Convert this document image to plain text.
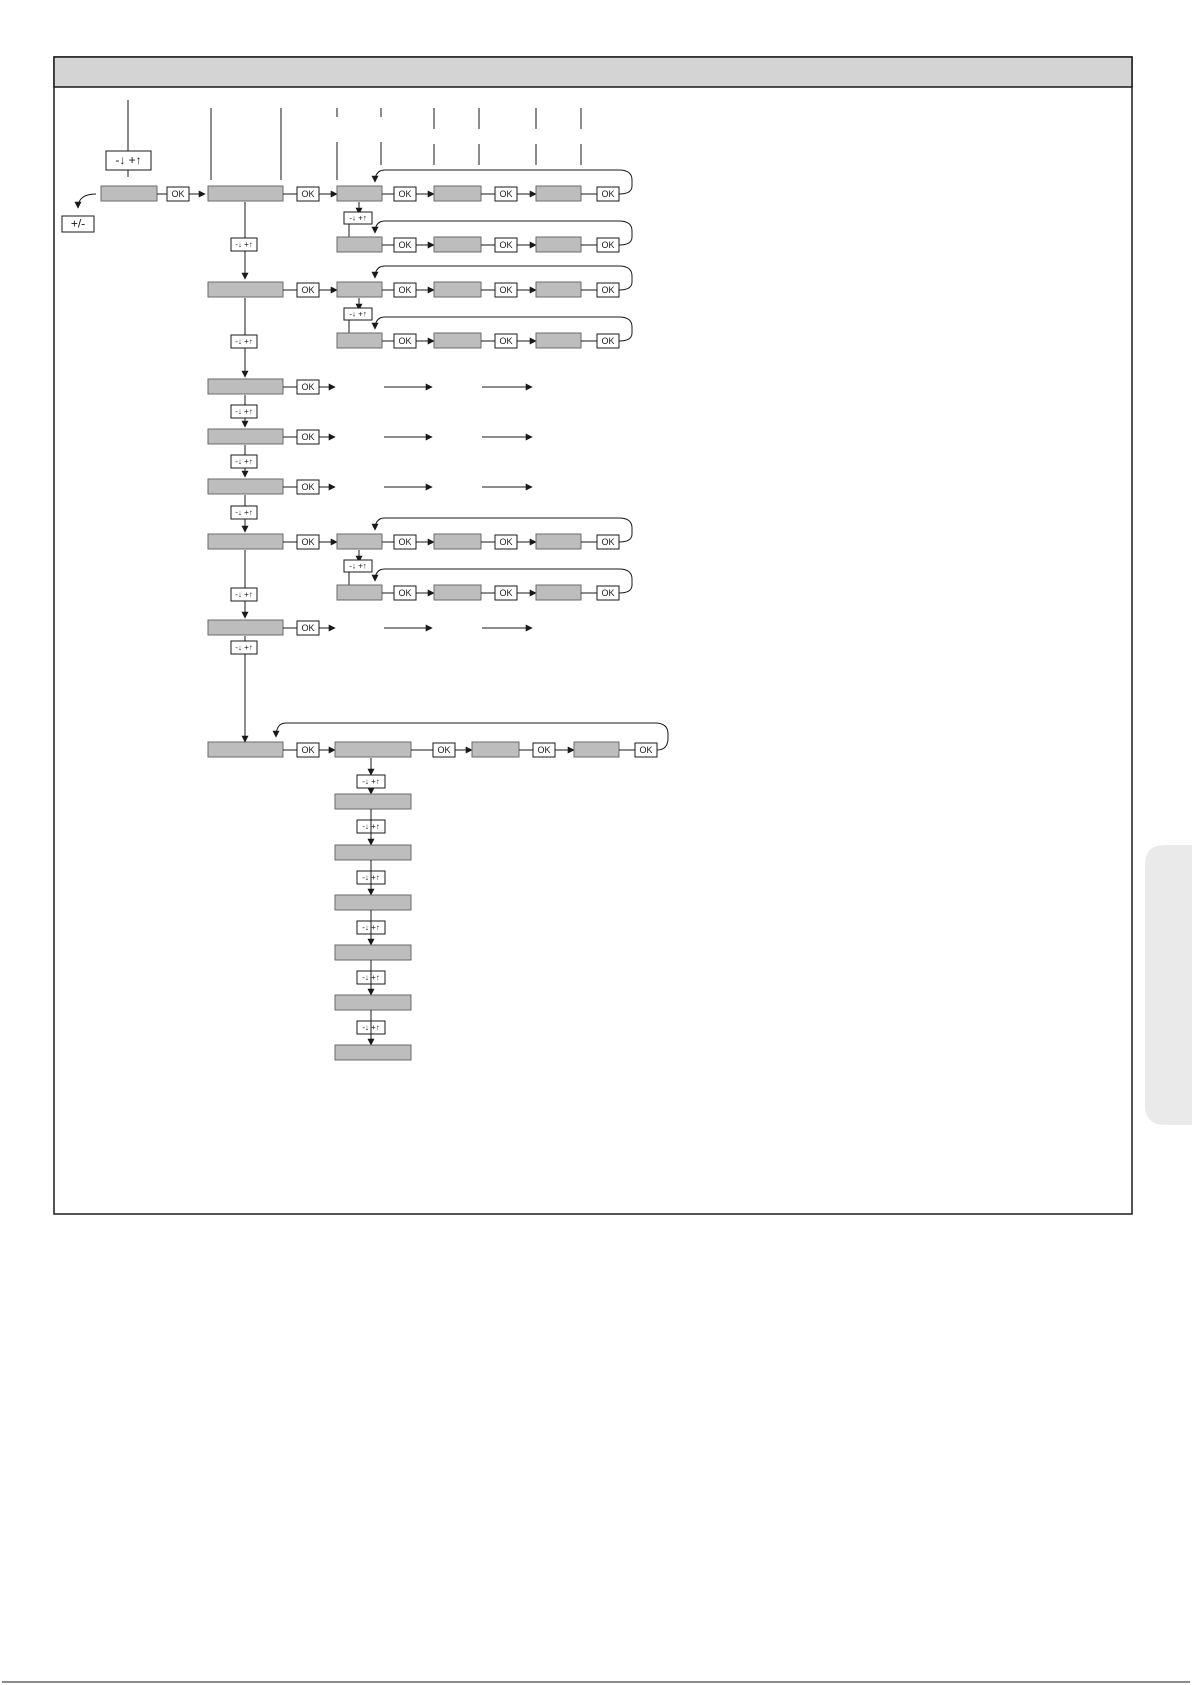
-↓ +↑
OK
+/-
OK
OK
OK
OK
OK
OK
OK
OK
-↓ +↑
-↓ +↑
-↓ +↑
-↓ +↑
-↓ +↑
-↓ +↑
-↓ +↑
OK	OK	OK
-↓ +↑
OK	OK	OK
OK	OK	OK
-↓ +↑
OK	OK	OK
OK	OK	OK
-↓ +↑
OK	OK	OK
OK	OK	OK
-↓ +↑
-↓ +↑
-↓ +↑
-↓ +↑
-↓ +↑
-↓ +↑
